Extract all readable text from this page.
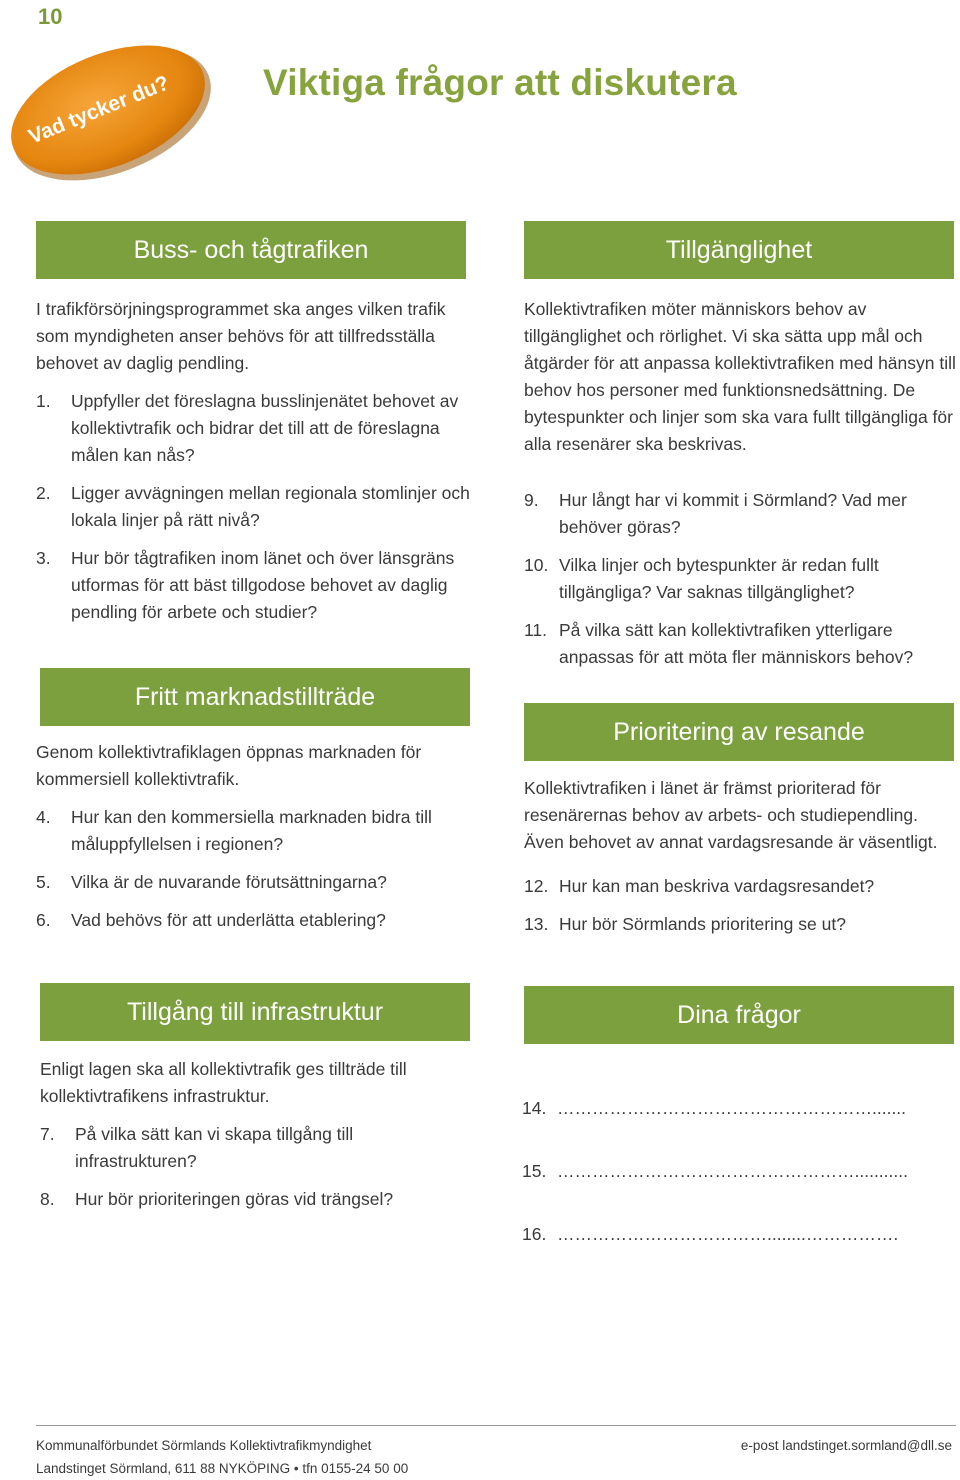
10
Vad tycker du? Viktiga frågor att diskutera
Buss- och tågtrafiken

I trafikförsörjningsprogrammet ska anges vilken trafik som myndigheten anser behövs för att tillfredsställa behovet av daglig pendling.

1.	Uppfyller det föreslagna busslinjenätet behovet av kollektivtrafik och bidrar det till att de föreslagna målen kan nås?
2.	Ligger avvägningen mellan regionala stomlinjer och lokala linjer på rätt nivå?
3.	Hur bör tågtrafiken inom länet och över länsgräns utformas för att bäst tillgodose behovet av daglig pendling för arbete och studier?
Fritt marknadstillträde

Genom kollektivtrafiklagen öppnas marknaden för kommersiell kollektivtrafik.

4.	Hur kan den kommersiella marknaden bidra till måluppfyllelsen i regionen?
5.	Vilka är de nuvarande förutsättningarna?
6.	Vad behövs för att underlätta etablering?
Tillgång till infrastruktur

Enligt lagen ska all kollektivtrafik ges tillträde till kollektivtrafikens infrastruktur.

7.	På vilka sätt kan vi skapa tillgång till infrastrukturen?
8.	Hur bör prioriteringen göras vid trängsel?
Tillgänglighet

Kollektivtrafiken möter människors behov av tillgänglighet och rörlighet. Vi ska sätta upp mål och åtgärder för att anpassa kollektivtrafiken med hänsyn till behov hos personer med funktionsnedsättning. De bytespunkter och linjer som ska vara fullt tillgängliga för alla resenärer ska beskrivas.

9.	Hur långt har vi kommit i Sörmland? Vad mer behöver göras?
10. Vilka linjer och bytespunkter är redan fullt tillgängliga? Var saknas tillgänglighet?
11. På vilka sätt kan kollektivtrafiken ytterligare anpassas för att möta fler människors behov?
Prioritering av resande

Kollektivtrafiken i länet är främst prioriterad för resenärernas behov av arbets- och studiependling. Även behovet av annat vardagsresande är väsentligt.

12. Hur kan man beskriva vardagsresandet?
13. Hur bör Sörmlands prioritering se ut?
Dina frågor
14. ……………………………………………….......
15. ……………………………………………...........
16. ………………………………........…………….
Kommunalförbundet Sörmlands Kollektivtrafikmyndighet
Landstinget Sörmland, 611 88 NYKÖPING • tfn 0155-24 50 00
e-post landstinget.sormland@dll.se
